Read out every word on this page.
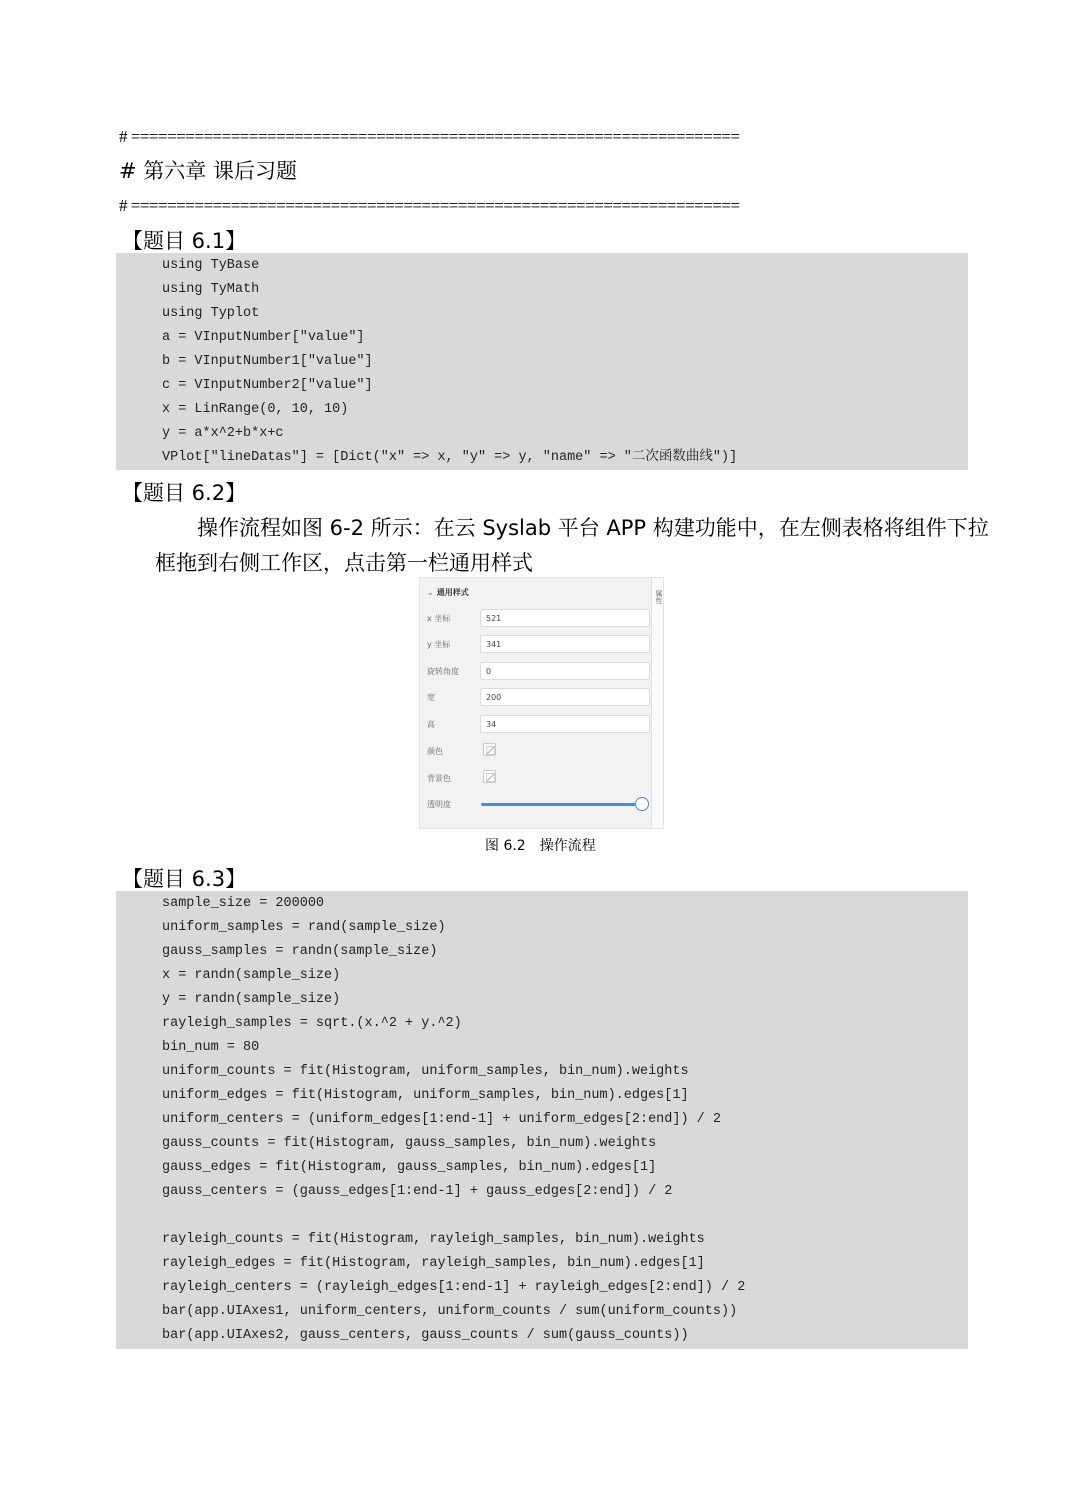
# ===================================================================
# 第六章 课后习题
# ===================================================================
【题目 6.1】
using TyBase
using TyMath
using Typlot
a = VInputNumber["value"]
b = VInputNumber1["value"]
c = VInputNumber2["value"]
x = LinRange(0, 10, 10)
y = a*x^2+b*x+c
VPlot["lineDatas"] = [Dict("x" => x, "y" => y, "name" => "二次函数曲线")]
【题目 6.2】
操作流程如图 6-2 所示：在云 Syslab 平台 APP 构建功能中，在左侧表格将组件下拉
框拖到右侧工作区，点击第一栏通用样式
属性
⌄ 通用样式
x 坐标	521
y 坐标	341
旋转角度	0
宽	200
高	34
颜色
背景色
透明度
图 6.2　操作流程
【题目 6.3】
sample_size = 200000
uniform_samples = rand(sample_size)
gauss_samples = randn(sample_size)
x = randn(sample_size)
y = randn(sample_size)
rayleigh_samples = sqrt.(x.^2 + y.^2)
bin_num = 80
uniform_counts = fit(Histogram, uniform_samples, bin_num).weights
uniform_edges = fit(Histogram, uniform_samples, bin_num).edges[1]
uniform_centers = (uniform_edges[1:end-1] + uniform_edges[2:end]) / 2
gauss_counts = fit(Histogram, gauss_samples, bin_num).weights
gauss_edges = fit(Histogram, gauss_samples, bin_num).edges[1]
gauss_centers = (gauss_edges[1:end-1] + gauss_edges[2:end]) / 2
rayleigh_counts = fit(Histogram, rayleigh_samples, bin_num).weights
rayleigh_edges = fit(Histogram, rayleigh_samples, bin_num).edges[1]
rayleigh_centers = (rayleigh_edges[1:end-1] + rayleigh_edges[2:end]) / 2
bar(app.UIAxes1, uniform_centers, uniform_counts / sum(uniform_counts))
bar(app.UIAxes2, gauss_centers, gauss_counts / sum(gauss_counts))
